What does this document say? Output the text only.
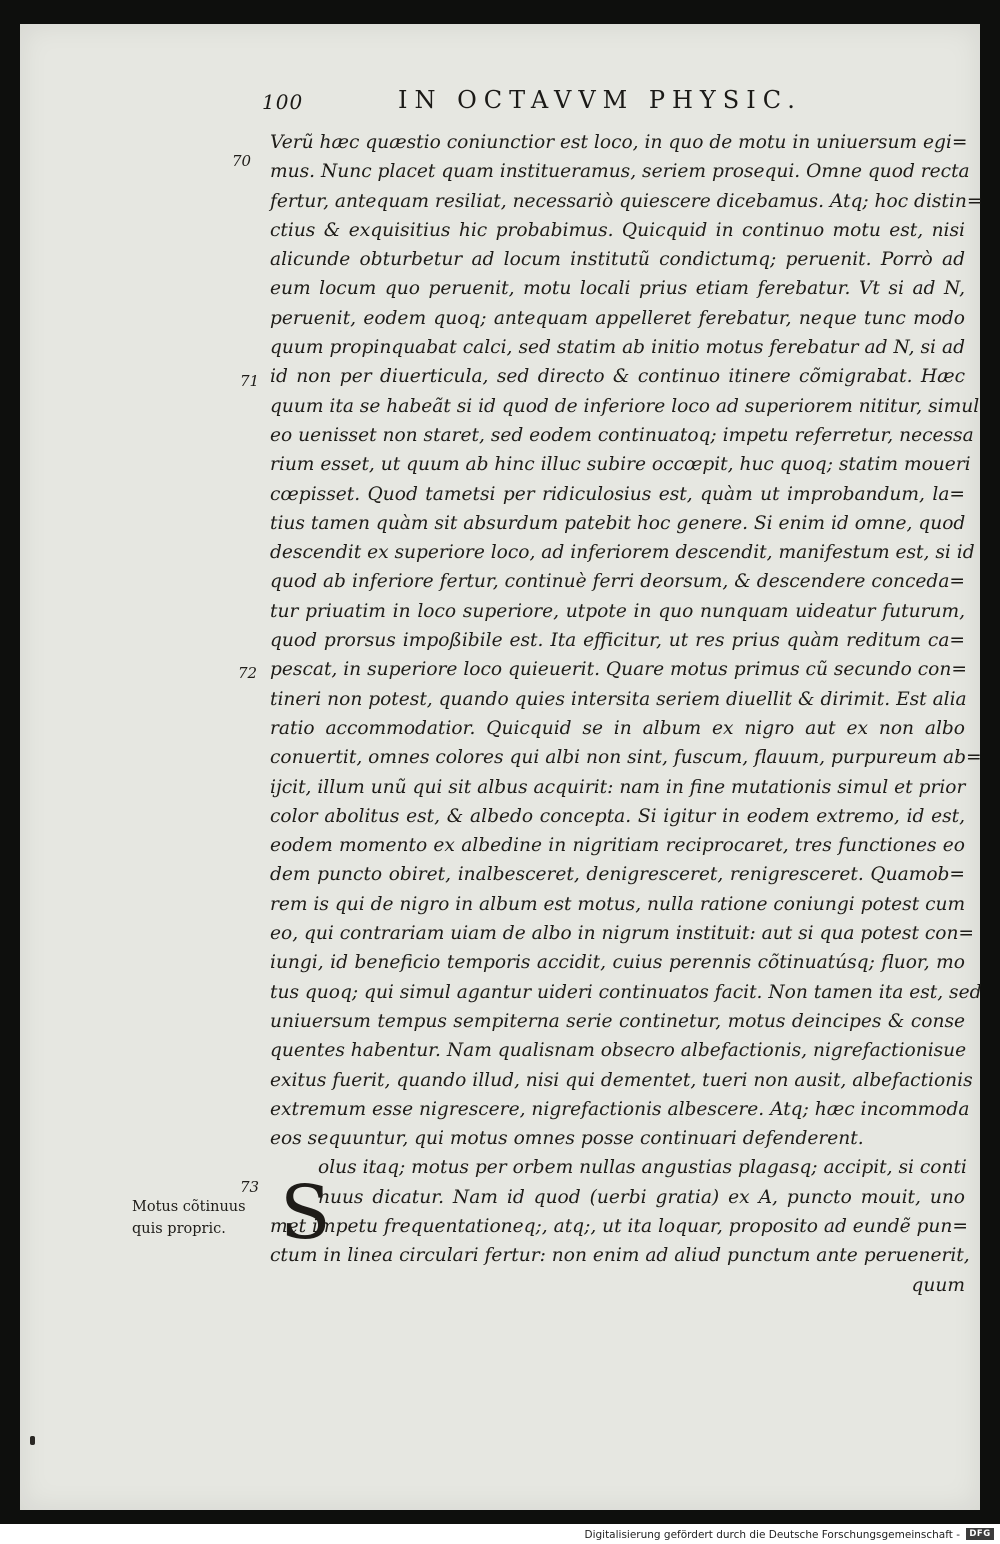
100	IN OCTAVVM PHYSIC.
70
71
72
73
Motus cõtinuus
quis propric. S
Verũ hæc quæstio coniunctior est loco, in quo de motu in uniuersum egi=
mus. Nunc placet quam institueramus, seriem prosequi. Omne quod recta
fertur, antequam resiliat, necessariò quiescere dicebamus. Atq; hoc distin=
ctius & exquisitius hic probabimus. Quicquid in continuo motu est, nisi
alicunde obturbetur ad locum institutũ condictumq; peruenit. Porrò ad
eum locum quo peruenit, motu locali prius etiam ferebatur. Vt si ad N,
peruenit, eodem quoq; antequam appelleret ferebatur, neque tunc modo
quum propinquabat calci, sed statim ab initio motus ferebatur ad N, si ad
id non per diuerticula, sed directo & continuo itinere cõmigrabat. Hæc
quum ita se habeãt si id quod de inferiore loco ad superiorem nititur, simul
eo uenisset non staret, sed eodem continuatoq; impetu referretur, necessa
rium esset, ut quum ab hinc illuc subire occœpit, huc quoq; statim moueri
cœpisset. Quod tametsi per ridiculosius est, quàm ut improbandum, la=
tius tamen quàm sit absurdum patebit hoc genere. Si enim id omne, quod
descendit ex superiore loco, ad inferiorem descendit, manifestum est, si id
quod ab inferiore fertur, continuè ferri deorsum, & descendere conceda=
tur priuatim in loco superiore, utpote in quo nunquam uideatur futurum,
quod prorsus impoßibile est. Ita efficitur, ut res prius quàm reditum ca=
pescat, in superiore loco quieuerit. Quare motus primus cũ secundo con=
tineri non potest, quando quies intersita seriem diuellit & dirimit. Est alia
ratio accommodatior. Quicquid se in album ex nigro aut ex non albo
conuertit, omnes colores qui albi non sint, fuscum, flauum, purpureum ab=
ijcit, illum unũ qui sit albus acquirit: nam in fine mutationis simul et prior
color abolitus est, & albedo concepta. Si igitur in eodem extremo, id est,
eodem momento ex albedine in nigritiam reciprocaret, tres functiones eo
dem puncto obiret, inalbesceret, denigresceret, renigresceret. Quamob=
rem is qui de nigro in album est motus, nulla ratione coniungi potest cum
eo, qui contrariam uiam de albo in nigrum instituit: aut si qua potest con=
iungi, id beneficio temporis accidit, cuius perennis cõtinuatúsq; fluor, mo
tus quoq; qui simul agantur uideri continuatos facit. Non tamen ita est, sed
uniuersum tempus sempiterna serie continetur, motus deincipes & conse
quentes habentur. Nam qualisnam obsecro albefactionis, nigrefactionisue
exitus fuerit, quando illud, nisi qui dementet, tueri non ausit, albefactionis
extremum esse nigrescere, nigrefactionis albescere. Atq; hæc incommoda
eos sequuntur, qui motus omnes posse continuari defenderent.
olus itaq; motus per orbem nullas angustias plagasq; accipit, si conti
nuus dicatur. Nam id quod (uerbi gratia) ex A, puncto mouit, uno
met impetu frequentationeq;, atq;, ut ita loquar, proposito ad eundẽ pun=
ctum in linea circulari fertur: non enim ad aliud punctum ante peruenerit,
quum
Digitalisierung gefördert durch die Deutsche Forschungsgemeinschaft -	DFG
